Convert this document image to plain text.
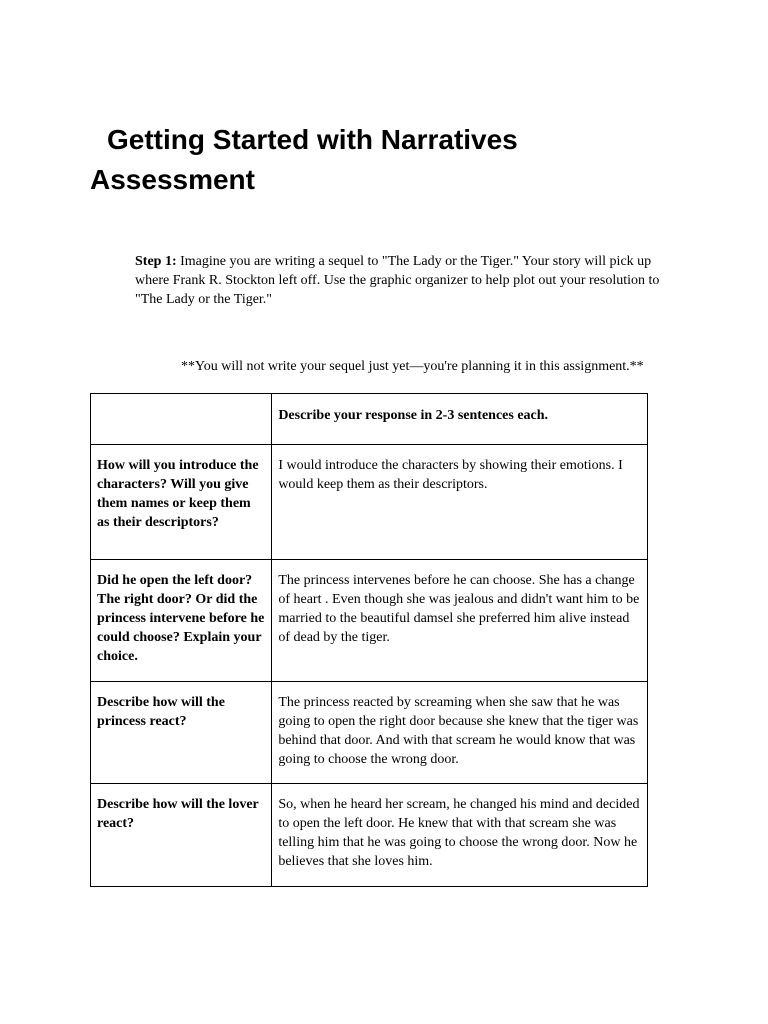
Getting Started with Narratives
Assessment

Step 1: Imagine you are writing a sequel to "The Lady or the Tiger." Your story will pick up where Frank R. Stockton left off. Use the graphic organizer to help plot out your resolution to "The Lady or the Tiger."

**You will not write your sequel just yet—you're planning it in this assignment.**

	Describe your response in 2-3 sentences each.
How will you introduce the characters? Will you give them names or keep them as their descriptors?	I would introduce the characters by showing their emotions. I would keep them as their descriptors.
Did he open the left door? The right door? Or did the princess intervene before he could choose? Explain your choice.	The princess intervenes before he can choose. She has a change of heart . Even though she was jealous and didn't want him to be married to the beautiful damsel she preferred him alive instead of dead by the tiger.
Describe how will the princess react?	The princess reacted by screaming when she saw that he was going to open the right door because she knew that the tiger was behind that door. And with that scream he would know that was going to choose the wrong door.
Describe how will the lover react?	So, when he heard her scream, he changed his mind and decided to open the left door. He knew that with that scream she was telling him that he was going to choose the wrong door. Now he believes that she loves him.
